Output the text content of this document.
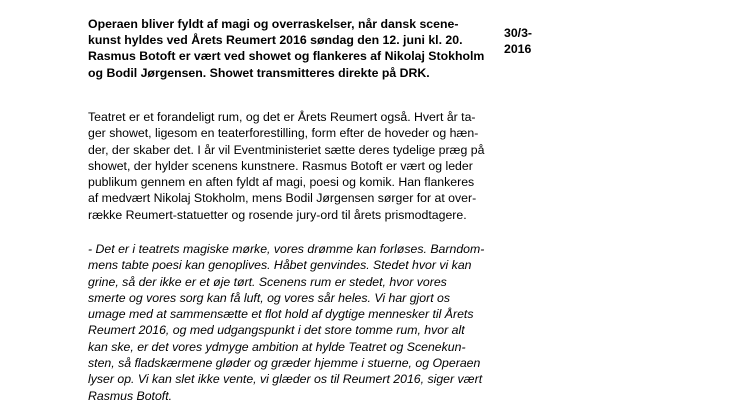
Operaen bliver fyldt af magi og overraskelser, når dansk scene-
kunst hyldes ved Årets Reumert 2016 søndag den 12. juni kl. 20.
Rasmus Botoft er vært ved showet og flankeres af Nikolaj Stokholm
og Bodil Jørgensen. Showet transmitteres direkte på DRK.
30/3-
2016
Teatret er et forandeligt rum, og det er Årets Reumert også. Hvert år ta-
ger showet, ligesom en teaterforestilling, form efter de hoveder og hæn-
der, der skaber det. I år vil Eventministeriet sætte deres tydelige præg på
showet, der hylder scenens kunstnere. Rasmus Botoft er vært og leder
publikum gennem en aften fyldt af magi, poesi og komik. Han flankeres
af medvært Nikolaj Stokholm, mens Bodil Jørgensen sørger for at over-
række Reumert-statuetter og rosende jury-ord til årets prismodtagere.
- Det er i teatrets magiske mørke, vores drømme kan forløses. Barndom-
mens tabte poesi kan genoplives. Håbet genvindes. Stedet hvor vi kan
grine, så der ikke er et øje tørt. Scenens rum er stedet, hvor vores
smerte og vores sorg kan få luft, og vores sår heles. Vi har gjort os
umage med at sammensætte et flot hold af dygtige mennesker til Årets
Reumert 2016, og med udgangspunkt i det store tomme rum, hvor alt
kan ske, er det vores ydmyge ambition at hylde Teatret og Scenekun-
sten, så fladskærmene gløder og græder hjemme i stuerne, og Operaen
lyser op. Vi kan slet ikke vente, vi glæder os til Reumert 2016, siger vært
Rasmus Botoft.
